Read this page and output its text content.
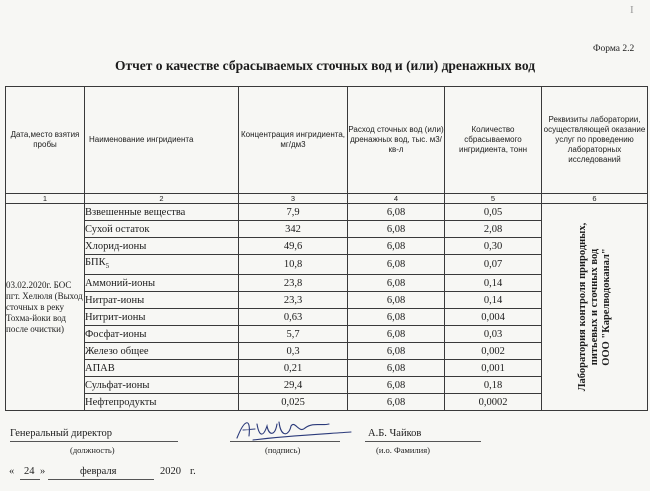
I
Форма 2.2
Отчет о качестве сбрасываемых сточных вод и (или) дренажных вод
Дата,место взятия пробы	Наименование ингридиента	Концентрация ингридиента, мг/дм3	Расход сточных вод (или) дренажных вод, тыс. м3/кв-л	Количество сбрасываемого ингридиента, тонн	Реквизиты лаборатории, осуществляющей оказание услуг по проведению лабораторных исследований
1	2	3	4	5	6
03.02.2020г. БОС пгт. Хелюля (Выход сточных в реку Тохма-йоки вод после очистки)	Взвешенные вещества	7,9	6,08	0,05	Лаборатория контроля природных, питьевых и сточных вод ООО "Карелводоканал"

	Сухой остаток	342	6,08	2,08	
	Хлорид-ионы	49,6	6,08	0,30	
	$БПК_5$	10,8	6,08	0,07	
	Аммоний-ионы	23,8	6,08	0,14	
	Нитрат-ионы	23,3	6,08	0,14	
	Нитрит-ионы	0,63	6,08	0,004	
	Фосфат-ионы	5,7	6,08	0,03	
	Железо общее	0,3	6,08	0,002	
	АПАВ	0,21	6,08	0,001	
	Сульфат-ионы	29,4	6,08	0,18	
	Нефтепродукты	0,025	6,08	0,0002	
Генеральный директор
(должность)	(подпись)
А.Б. Чайков
(и.о. Фамилия)
« 24 »	февраля	2020 г.
